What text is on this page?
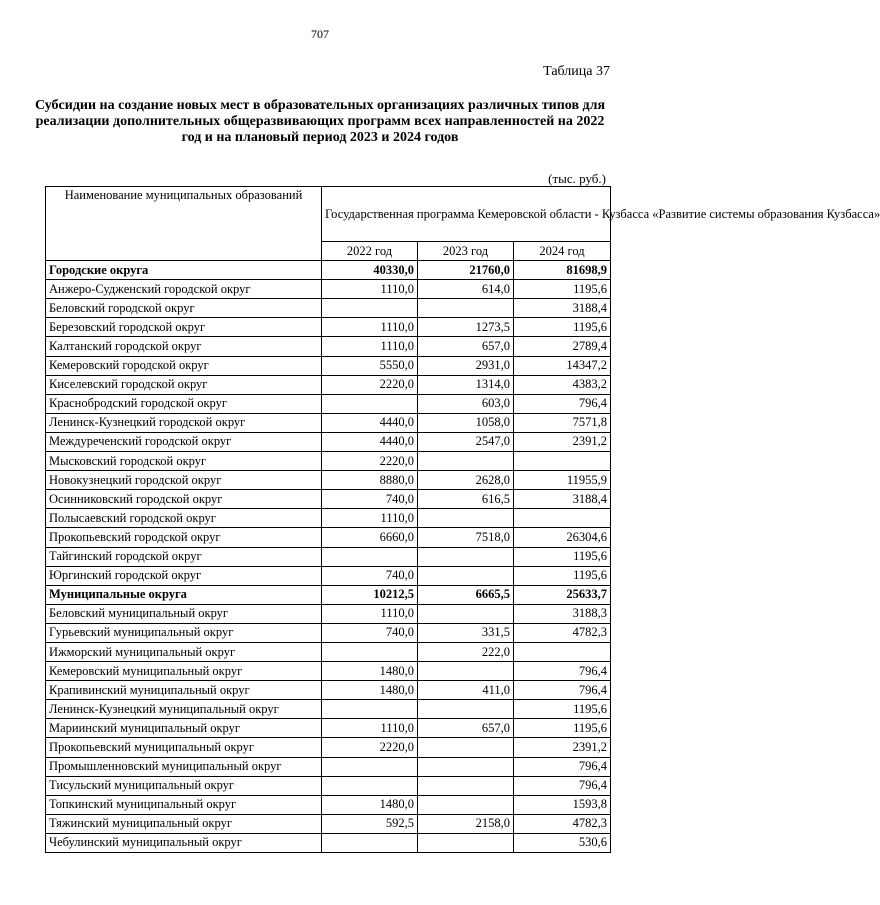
707
Таблица 37
Субсидии на создание новых мест в образовательных организациях различных типов для реализации дополнительных общеразвивающих программ всех направленностей на 2022 год и на плановый период 2023 и 2024 годов
(тыс. руб.)
Наименование муниципальных образований	Государственная программа Кемеровской области - Кузбасса «Развитие системы образования Кузбасса»		
	2022 год	2023 год	2024 год
Городские округа	40330,0	21760,0	81698,9
Анжеро-Судженский городской округ	1110,0	614,0	1195,6
Беловский городской округ			3188,4
Березовский городской округ	1110,0	1273,5	1195,6
Калтанский городской округ	1110,0	657,0	2789,4
Кемеровский городской округ	5550,0	2931,0	14347,2
Киселевский городской округ	2220,0	1314,0	4383,2
Краснобродский городской округ		603,0	796,4
Ленинск-Кузнецкий городской округ	4440,0	1058,0	7571,8
Междуреченский городской округ	4440,0	2547,0	2391,2
Мысковский городской округ	2220,0		
Новокузнецкий городской округ	8880,0	2628,0	11955,9
Осинниковский городской округ	740,0	616,5	3188,4
Полысаевский городской округ	1110,0		
Прокопьевский городской округ	6660,0	7518,0	26304,6
Тайгинский городской округ			1195,6
Юргинский городской округ	740,0		1195,6
Муниципальные округа	10212,5	6665,5	25633,7
Беловский муниципальный округ	1110,0		3188,3
Гурьевский муниципальный округ	740,0	331,5	4782,3
Ижморский муниципальный округ		222,0	
Кемеровский муниципальный округ	1480,0		796,4
Крапивинский муниципальный округ	1480,0	411,0	796,4
Ленинск-Кузнецкий муниципальный округ			1195,6
Мариинский муниципальный округ	1110,0	657,0	1195,6
Прокопьевский муниципальный округ	2220,0		2391,2
Промышленновский муниципальный округ			796,4
Тисульский муниципальный округ			796,4
Топкинский муниципальный округ	1480,0		1593,8
Тяжинский муниципальный округ	592,5	2158,0	4782,3
Чебулинский муниципальный округ			530,6
